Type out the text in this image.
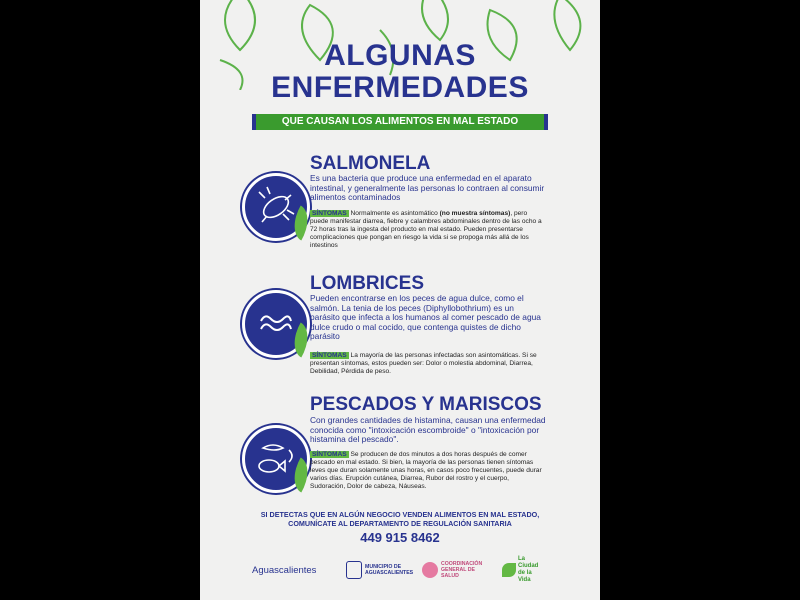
ALGUNAS
ENFERMEDADES
QUE CAUSAN LOS ALIMENTOS EN MAL ESTADO
SALMONELA
Es una bacteria que produce una enfermedad en el aparato intestinal, y generalmente las personas lo contraen al consumir alimentos contaminados
SÍNTOMAS Normalmente es asintomático (no muestra síntomas), pero puede manifestar diarrea, fiebre y calambres abdominales dentro de las ocho a 72 horas tras la ingesta del producto en mal estado. Pueden presentarse complicaciones que pongan en riesgo la vida si se propoga más allá de los intestinos
LOMBRICES
Pueden encontrarse en los peces de agua dulce, como el salmón. La tenia de los peces (Diphyllobothrium) es un parásito que infecta a los humanos al comer pescado de agua dulce crudo o mal cocido, que contenga quistes de dicho parásito
SÍNTOMAS La mayoría de las personas infectadas son asintomáticas. Si se presentan síntomas, estos pueden ser: Dolor o molestia abdominal, Diarrea, Debilidad, Pérdida de peso.
PESCADOS Y MARISCOS
Con grandes cantidades de histamina, causan una enfermedad conocida como "intoxicación escombroide" o "intoxicación por histamina del pescado".
SÍNTOMAS Se producen de dos minutos a dos horas después de comer pescado en mal estado. Si bien, la mayoría de las personas tienen síntomas leves que duran solamente unas horas, en casos poco frecuentes, puede durar varios días. Erupción cutánea, Diarrea, Rubor del rostro y el cuerpo, Sudoración, Dolor de cabeza, Náuseas.
SI DETECTAS QUE EN ALGÚN NEGOCIO VENDEN ALIMENTOS EN MAL ESTADO,
COMUNÍCATE AL DEPARTAMENTO DE REGULACIÓN SANITARIA
449 915 8462
Aguascalientes	MUNICIPIO DE AGUASCALIENTES
COORDINACIÓN GENERAL DE SALUD
La Ciudad de la Vida
